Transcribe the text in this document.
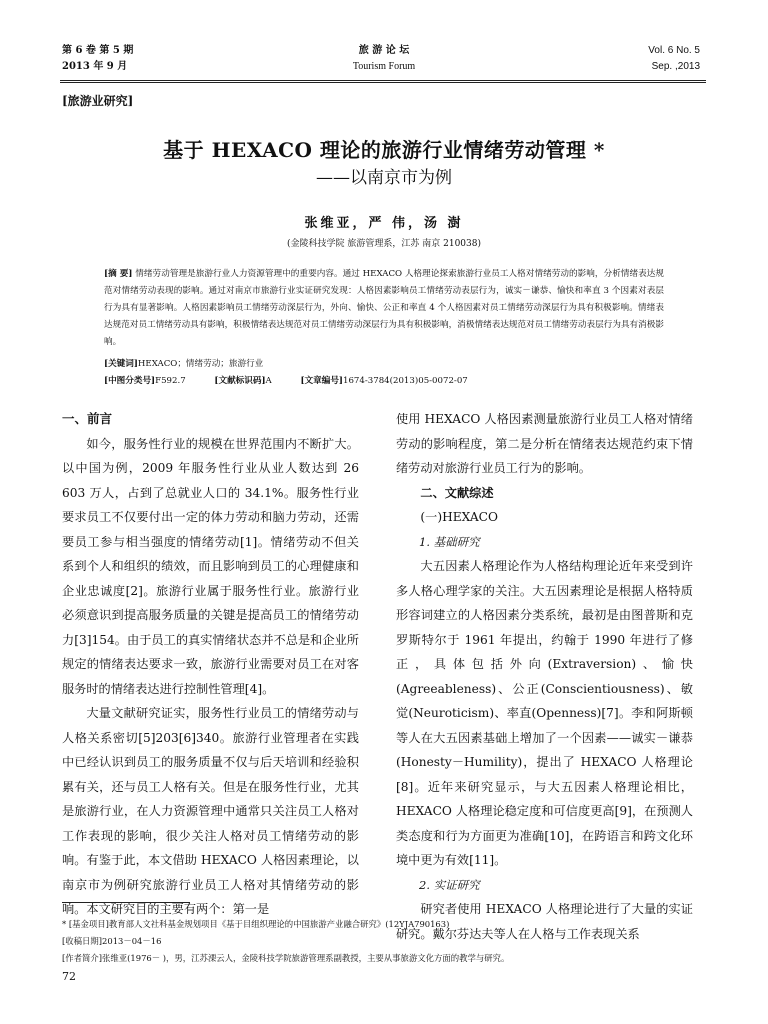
第 6 卷 第 5 期
2013 年 9 月
旅 游 论 坛
Tourism Forum
Vol. 6 No. 5
Sep. ,2013
[旅游业研究]
基于 HEXACO 理论的旅游行业情绪劳动管理 *
——以南京市为例
张维亚，严 伟，汤 澍
(金陵科技学院 旅游管理系，江苏 南京 210038)
[摘 要] 情绪劳动管理是旅游行业人力资源管理中的重要内容。通过 HEXACO 人格理论探索旅游行业员工人格对情绪劳动的影响，分析情绪表达规范对情绪劳动表现的影响。通过对南京市旅游行业实证研究发现：人格因素影响员工情绪劳动表层行为，诚实－谦恭、愉快和率直 3 个因素对表层行为具有显著影响。人格因素影响员工情绪劳动深层行为，外向、愉快、公正和率直 4 个人格因素对员工情绪劳动深层行为具有积极影响。情绪表达规范对员工情绪劳动具有影响，积极情绪表达规范对员工情绪劳动深层行为具有积极影响，消极情绪表达规范对员工情绪劳动表层行为具有消极影响。
[关键词]HEXACO；情绪劳动；旅游行业
[中图分类号]F592.7	[文献标识码]A	[文章编号]1674-3784(2013)05-0072-07
一、前言

如今，服务性行业的规模在世界范围内不断扩大。以中国为例，2009 年服务性行业从业人数达到 26 603 万人，占到了总就业人口的 34.1%。服务性行业要求员工不仅要付出一定的体力劳动和脑力劳动，还需要员工参与相当强度的情绪劳动[1]。情绪劳动不但关系到个人和组织的绩效，而且影响到员工的心理健康和企业忠诚度[2]。旅游行业属于服务性行业。旅游行业必须意识到提高服务质量的关键是提高员工的情绪劳动力[3]154。由于员工的真实情绪状态并不总是和企业所规定的情绪表达要求一致，旅游行业需要对员工在对客服务时的情绪表达进行控制性管理[4]。

大量文献研究证实，服务性行业员工的情绪劳动与人格关系密切[5]203[6]340。旅游行业管理者在实践中已经认识到员工的服务质量不仅与后天培训和经验积累有关，还与员工人格有关。但是在服务性行业，尤其是旅游行业，在人力资源管理中通常只关注员工人格对工作表现的影响，很少关注人格对员工情绪劳动的影响。有鉴于此，本文借助 HEXACO 人格因素理论，以南京市为例研究旅游行业员工人格对其情绪劳动的影响。本文研究目的主要有两个：第一是

使用 HEXACO 人格因素测量旅游行业员工人格对情绪劳动的影响程度，第二是分析在情绪表达规范约束下情绪劳动对旅游行业员工行为的影响。

二、文献综述
(一)HEXACO
1. 基础研究

大五因素人格理论作为人格结构理论近年来受到许多人格心理学家的关注。大五因素理论是根据人格特质形容词建立的人格因素分类系统，最初是由图普斯和克罗斯特尔于 1961 年提出，约翰于 1990 年进行了修正，具体包括外向(Extraversion)、愉快(Agreeableness)、公正(Conscientiousness)、敏觉(Neuroticism)、率直(Openness)[7]。李和阿斯顿等人在大五因素基础上增加了一个因素——诚实－谦恭(Honesty－Humility)，提出了 HEXACO 人格理论[8]。近年来研究显示，与大五因素人格理论相比，HEXACO 人格理论稳定度和可信度更高[9]，在预测人类态度和行为方面更为准确[10]，在跨语言和跨文化环境中更为有效[11]。

2. 实证研究

研究者使用 HEXACO 人格理论进行了大量的实证研究。戴尔芬达夫等人在人格与工作表现关系

* [基金项目]教育部人文社科基金规划项目《基于目组织理论的中国旅游产业融合研究》(12YJA790163)
[收稿日期]2013－04－16
[作者简介]张维亚(1976－ )，男，江苏溧云人，金陵科技学院旅游管理系副教授，主要从事旅游文化方面的教学与研究。
72
